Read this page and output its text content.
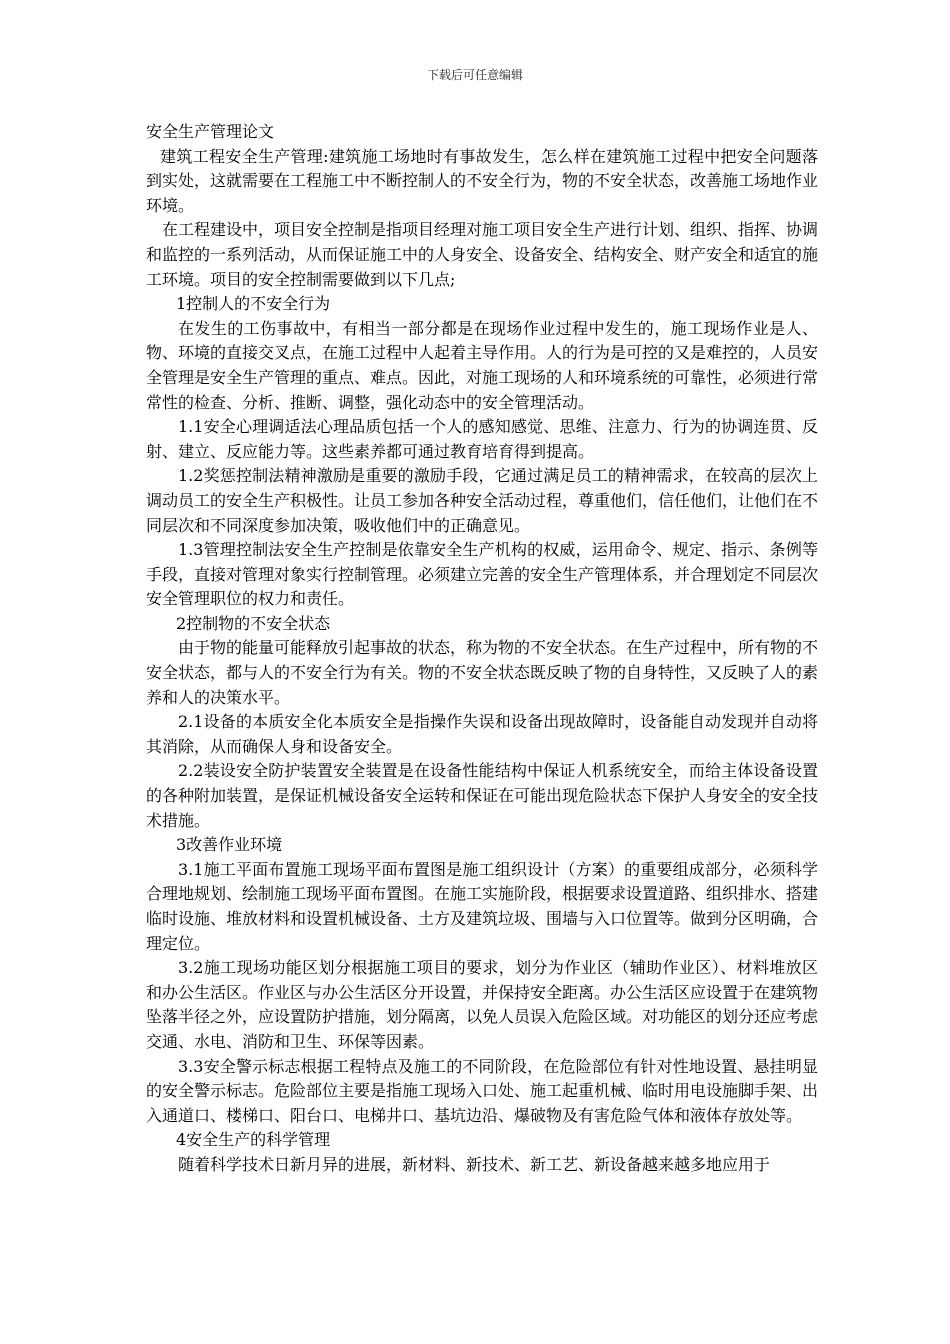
下载后可任意编辑

安全生产管理论文

建筑工程安全生产管理:建筑施工场地时有事故发生，怎么样在建筑施工过程中把安全问题落到实处，这就需要在工程施工中不断控制人的不安全行为，物的不安全状态，改善施工场地作业环境。

在工程建设中，项目安全控制是指项目经理对施工项目安全生产进行计划、组织、指挥、协调和监控的一系列活动，从而保证施工中的人身安全、设备安全、结构安全、财产安全和适宜的施工环境。项目的安全控制需要做到以下几点;

1控制人的不安全行为

在发生的工伤事故中，有相当一部分都是在现场作业过程中发生的，施工现场作业是人、物、环境的直接交叉点，在施工过程中人起着主导作用。人的行为是可控的又是难控的，人员安全管理是安全生产管理的重点、难点。因此，对施工现场的人和环境系统的可靠性，必须进行常常性的检查、分析、推断、调整，强化动态中的安全管理活动。

1.1安全心理调适法心理品质包括一个人的感知感觉、思维、注意力、行为的协调连贯、反射、建立、反应能力等。这些素养都可通过教育培育得到提高。

1.2奖惩控制法精神激励是重要的激励手段，它通过满足员工的精神需求，在较高的层次上调动员工的安全生产积极性。让员工参加各种安全活动过程，尊重他们，信任他们，让他们在不同层次和不同深度参加决策，吸收他们中的正确意见。

1.3管理控制法安全生产控制是依靠安全生产机构的权威，运用命令、规定、指示、条例等手段，直接对管理对象实行控制管理。必须建立完善的安全生产管理体系，并合理划定不同层次安全管理职位的权力和责任。

2控制物的不安全状态

由于物的能量可能释放引起事故的状态，称为物的不安全状态。在生产过程中，所有物的不安全状态，都与人的不安全行为有关。物的不安全状态既反映了物的自身特性，又反映了人的素养和人的决策水平。

2.1设备的本质安全化本质安全是指操作失误和设备出现故障时，设备能自动发现并自动将其消除，从而确保人身和设备安全。

2.2装设安全防护装置安全装置是在设备性能结构中保证人机系统安全，而给主体设备设置的各种附加装置，是保证机械设备安全运转和保证在可能出现危险状态下保护人身安全的安全技术措施。

3改善作业环境

3.1施工平面布置施工现场平面布置图是施工组织设计（方案）的重要组成部分，必须科学合理地规划、绘制施工现场平面布置图。在施工实施阶段，根据要求设置道路、组织排水、搭建临时设施、堆放材料和设置机械设备、土方及建筑垃圾、围墙与入口位置等。做到分区明确，合理定位。

3.2施工现场功能区划分根据施工项目的要求，划分为作业区（辅助作业区）、材料堆放区和办公生活区。作业区与办公生活区分开设置，并保持安全距离。办公生活区应设置于在建筑物坠落半径之外，应设置防护措施，划分隔离，以免人员误入危险区域。对功能区的划分还应考虑交通、水电、消防和卫生、环保等因素。

3.3安全警示标志根据工程特点及施工的不同阶段，在危险部位有针对性地设置、悬挂明显的安全警示标志。危险部位主要是指施工现场入口处、施工起重机械、临时用电设施脚手架、出入通道口、楼梯口、阳台口、电梯井口、基坑边沿、爆破物及有害危险气体和液体存放处等。

4安全生产的科学管理

随着科学技术日新月异的进展，新材料、新技术、新工艺、新设备越来越多地应用于
